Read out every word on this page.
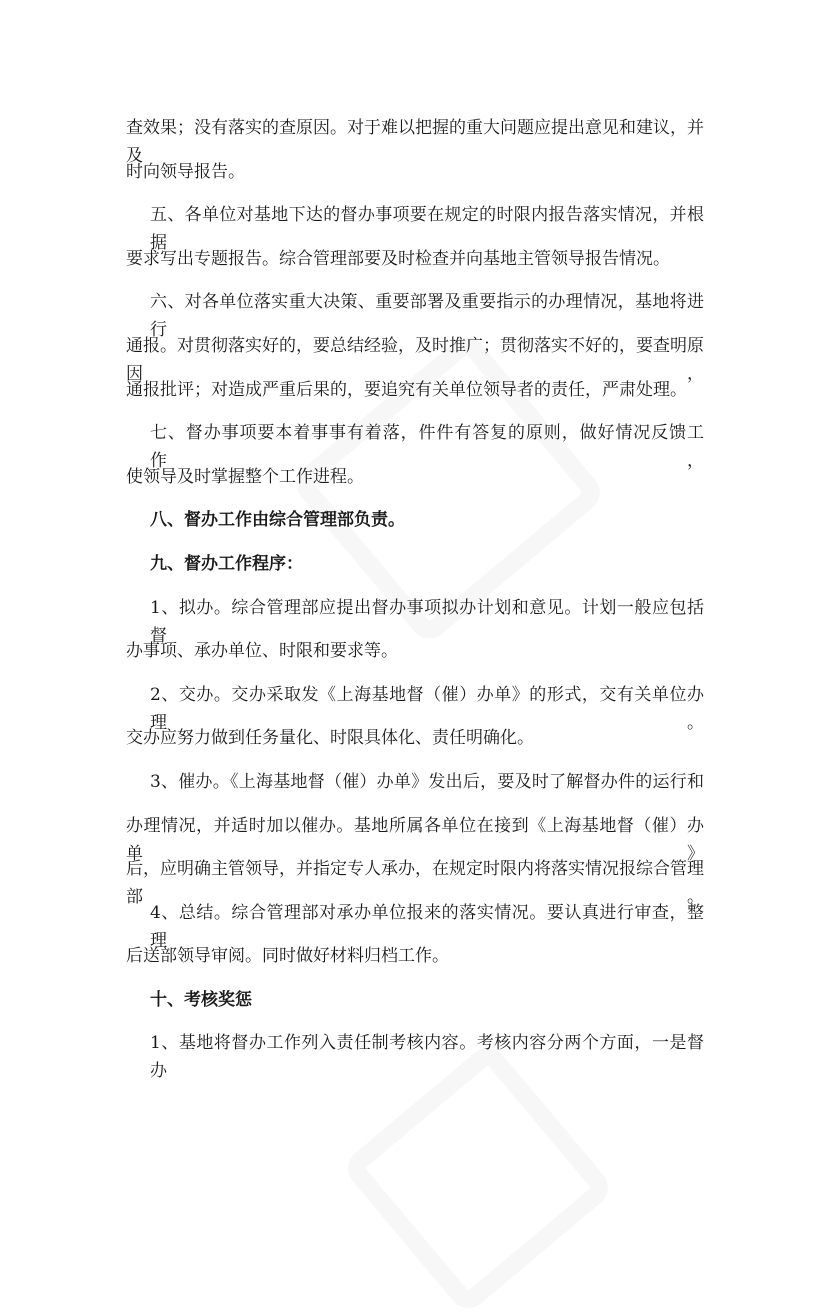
查效果；没有落实的查原因。对于难以把握的重大问题应提出意见和建议，并及
时向领导报告。
五、各单位对基地下达的督办事项要在规定的时限内报告落实情况，并根据
要求写出专题报告。综合管理部要及时检查并向基地主管领导报告情况。
六、对各单位落实重大决策、重要部署及重要指示的办理情况，基地将进行
通报。对贯彻落实好的，要总结经验，及时推广；贯彻落实不好的，要查明原因，
通报批评；对造成严重后果的，要追究有关单位领导者的责任，严肃处理。
七、督办事项要本着事事有着落，件件有答复的原则，做好情况反馈工作，
使领导及时掌握整个工作进程。
八、督办工作由综合管理部负责。
九、督办工作程序：
1、拟办。综合管理部应提出督办事项拟办计划和意见。计划一般应包括督
办事项、承办单位、时限和要求等。
2、交办。交办采取发《上海基地督（催）办单》的形式，交有关单位办理。
交办应努力做到任务量化、时限具体化、责任明确化。
3、催办。《上海基地督（催）办单》发出后，要及时了解督办件的运行和
办理情况，并适时加以催办。基地所属各单位在接到《上海基地督（催）办单》
后，应明确主管领导，并指定专人承办，在规定时限内将落实情况报综合管理部。
4、总结。综合管理部对承办单位报来的落实情况。要认真进行审查，整理
后送部领导审阅。同时做好材料归档工作。
十、考核奖惩
1、基地将督办工作列入责任制考核内容。考核内容分两个方面，一是督办
